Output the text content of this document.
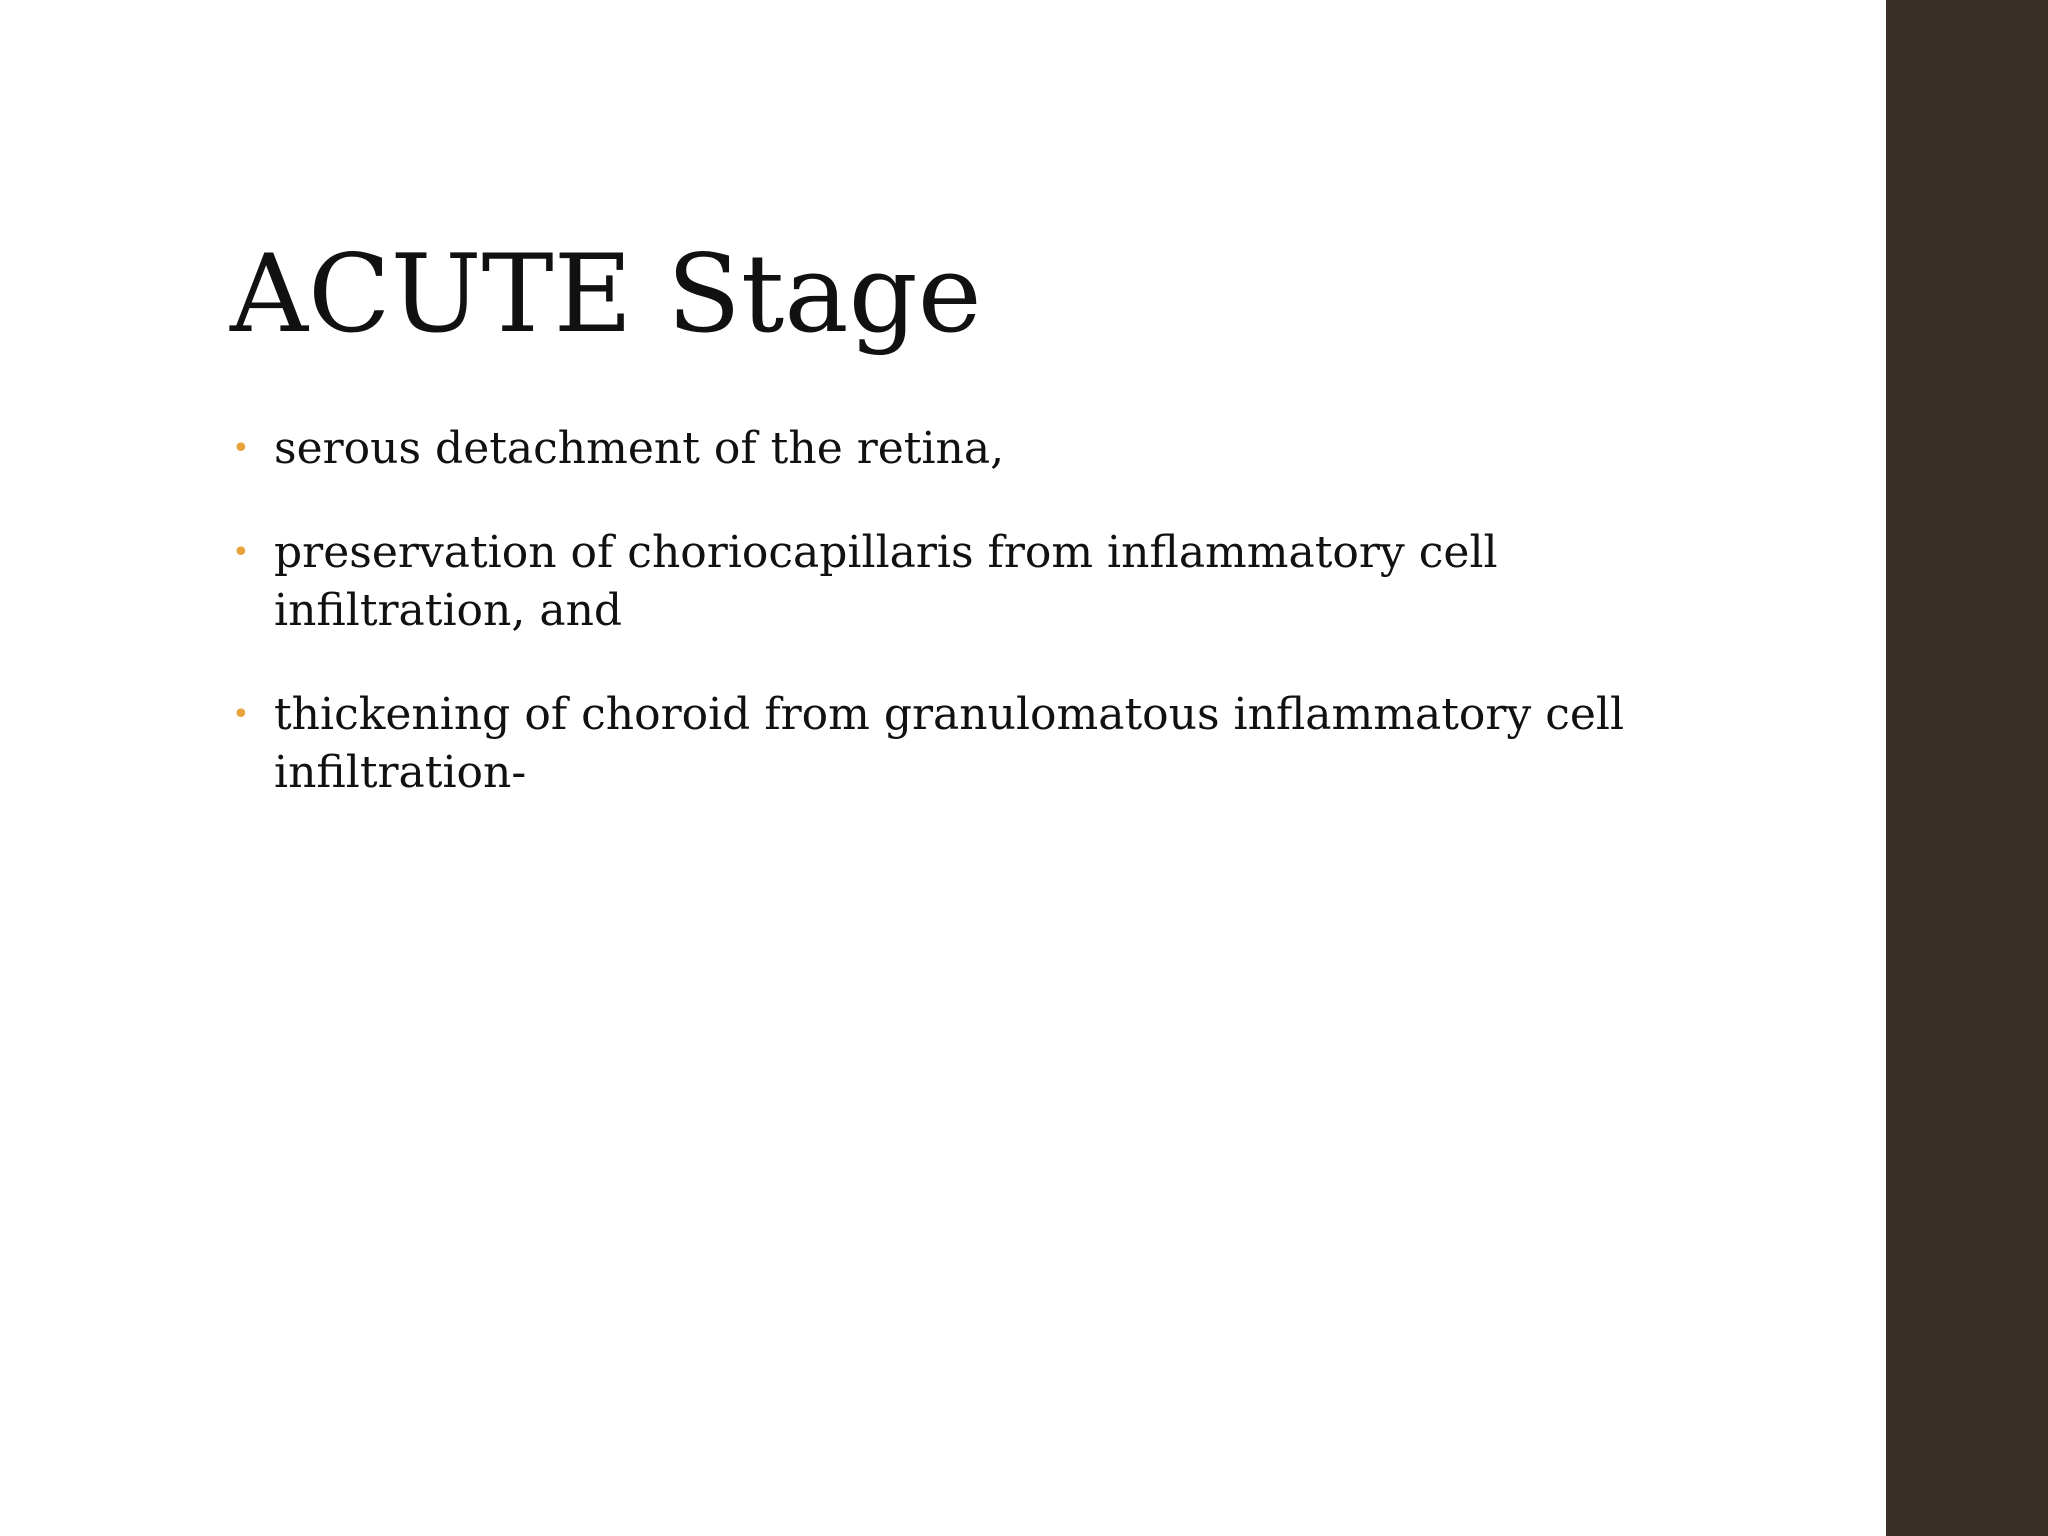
ACUTE Stage
• serous detachment of the retina,
• preservation of choriocapillaris from inflammatory cell infiltration, and
• thickening of choroid from granulomatous inflammatory cell infiltration-
